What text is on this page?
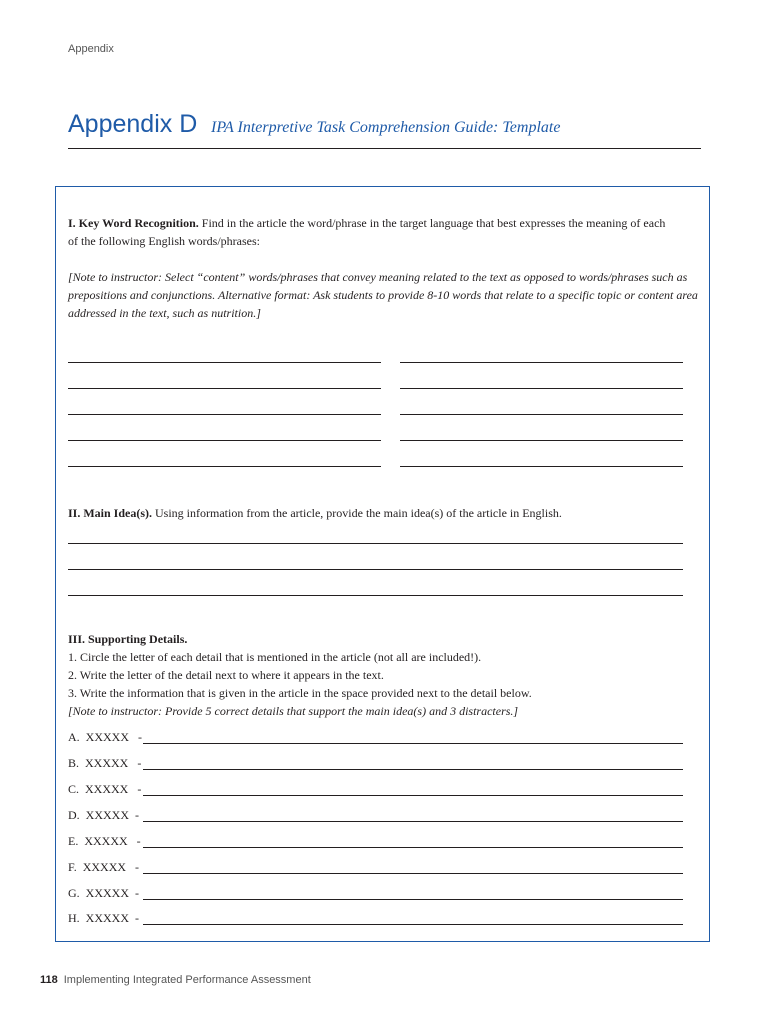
Appendix
Appendix D IPA Interpretive Task Comprehension Guide: Template
I. Key Word Recognition. Find in the article the word/phrase in the target language that best expresses the meaning of each
of the following English words/phrases:
[Note to instructor: Select “content” words/phrases that convey meaning related to the text as opposed to words/phrases such as
prepositions and conjunctions. Alternative format: Ask students to provide 8-10 words that relate to a specific topic or content area
addressed in the text, such as nutrition.]
II. Main Idea(s). Using information from the article, provide the main idea(s) of the article in English.
III. Supporting Details.
1. Circle the letter of each detail that is mentioned in the article (not all are included!).
2. Write the letter of the detail next to where it appears in the text.
3. Write the information that is given in the article in the space provided next to the detail below.
[Note to instructor: Provide 5 correct details that support the main idea(s) and 3 distracters.]
A.  XXXXX   -
B.  XXXXX   -
C.  XXXXX   -
D.  XXXXX  -
E.  XXXXX   -
F.  XXXXX   -
G.  XXXXX  -
H.  XXXXX  -
118 Implementing Integrated Performance Assessment
